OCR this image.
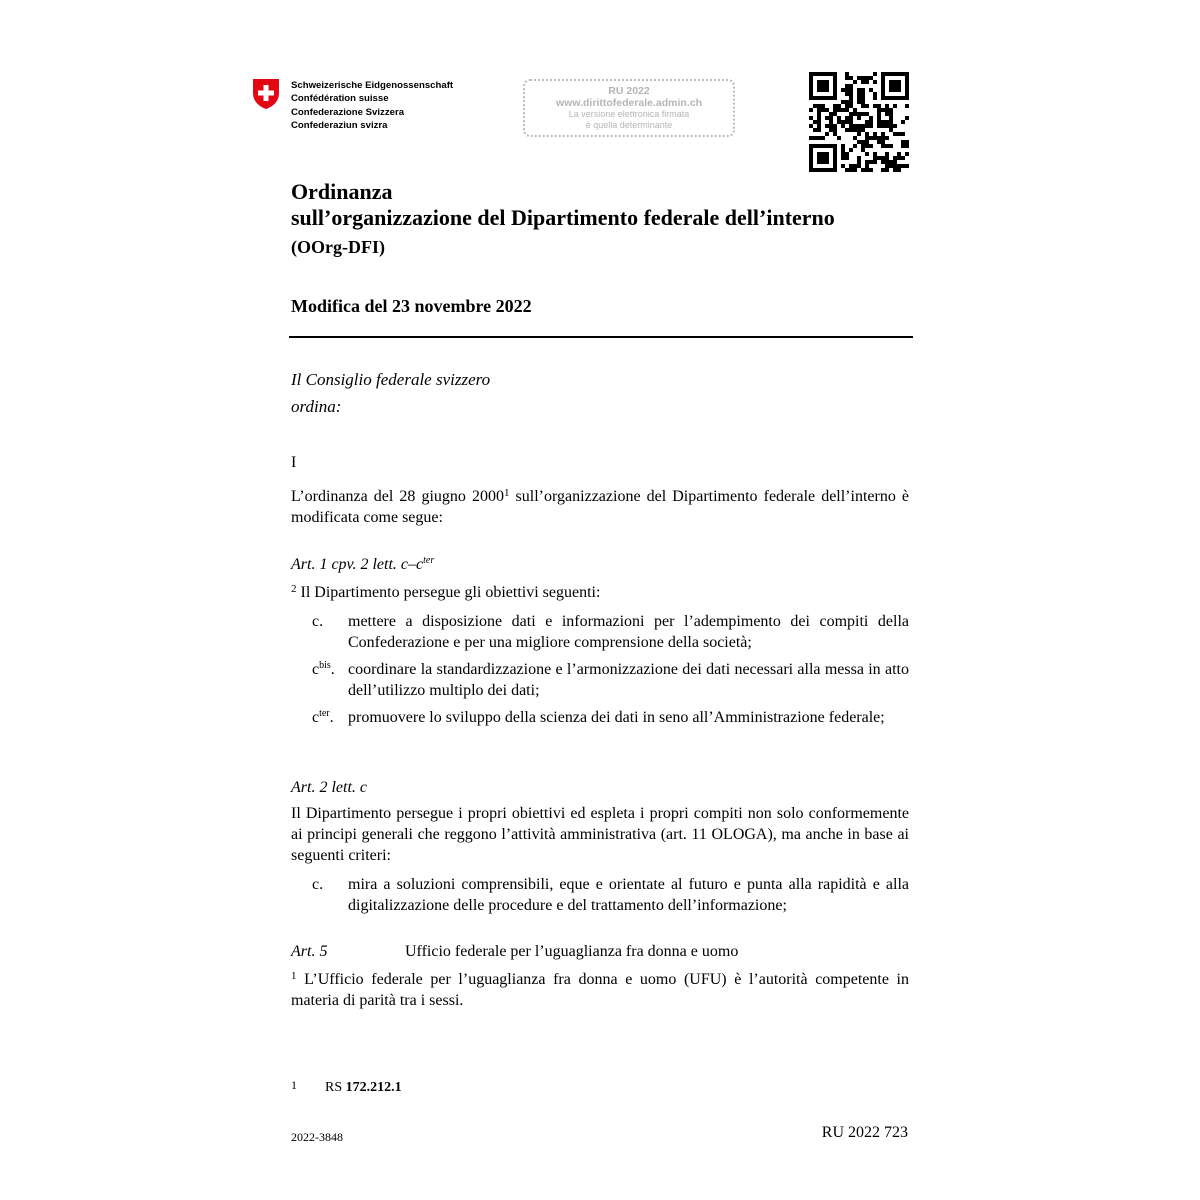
Schweizerische Eidgenossenschaft
Confédération suisse
Confederazione Svizzera
Confederaziun svizra
RU 2022
www.dirittofederale.admin.ch
La versione elettronica firmata
è quella determinante
Ordinanza
sull’organizzazione del Dipartimento federale dell’interno
(OOrg-DFI)
Modifica del 23 novembre 2022
Il Consiglio federale svizzero
ordina:
I
L’ordinanza del 28 giugno 2000$^1$ sull’organizzazione del Dipartimento federale dell’interno è modificata come segue:
Art. 1 cpv. 2 lett. $c-c^{ter}$
$^2$ Il Dipartimento persegue gli obiettivi seguenti:
c. mettere a disposizione dati e informazioni per l’adempimento dei compiti della Confederazione e per una migliore comprensione della società;
$c^{bis}$. coordinare la standardizzazione e l’armonizzazione dei dati necessari alla messa in atto dell’utilizzo multiplo dei dati;
$c^{ter}$. promuovere lo sviluppo della scienza dei dati in seno all’Amministrazione federale;
Art. 2 lett. c
Il Dipartimento persegue i propri obiettivi ed espleta i propri compiti non solo conformemente ai principi generali che reggono l’attività amministrativa (art. 11 OLOGA), ma anche in base ai seguenti criteri:
c. mira a soluzioni comprensibili, eque e orientate al futuro e punta alla rapidità e alla digitalizzazione delle procedure e del trattamento dell’informazione;
Art. 5	Ufficio federale per l’uguaglianza fra donna e uomo
$^1$ L’Ufficio federale per l’uguaglianza fra donna e uomo (UFU) è l’autorità competente in materia di parità tra i sessi.
1 RS 172.212.1
2022-3848	RU 2022 723
